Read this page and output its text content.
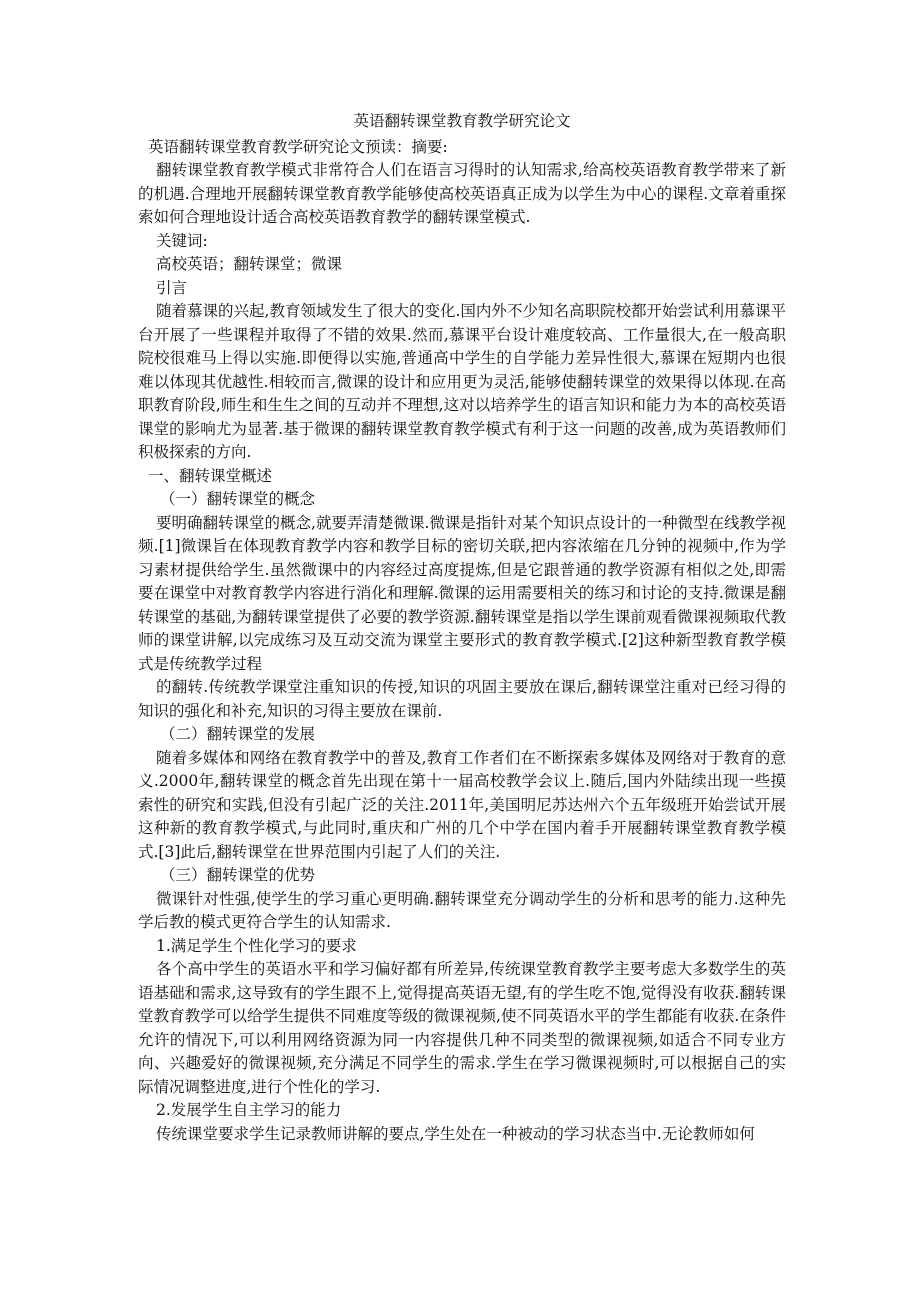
英语翻转课堂教育教学研究论文

英语翻转课堂教育教学研究论文预读：摘要:

翻转课堂教育教学模式非常符合人们在语言习得时的认知需求,给高校英语教育教学带来了新的机遇.合理地开展翻转课堂教育教学能够使高校英语真正成为以学生为中心的课程.文章着重探索如何合理地设计适合高校英语教育教学的翻转课堂模式.

关键词:

高校英语；翻转课堂；微课

引言

随着慕课的兴起,教育领域发生了很大的变化.国内外不少知名高职院校都开始尝试利用慕课平台开展了一些课程并取得了不错的效果.然而,慕课平台设计难度较高、工作量很大,在一般高职院校很难马上得以实施.即便得以实施,普通高中学生的自学能力差异性很大,慕课在短期内也很难以体现其优越性.相较而言,微课的设计和应用更为灵活,能够使翻转课堂的效果得以体现.在高职教育阶段,师生和生生之间的互动并不理想,这对以培养学生的语言知识和能力为本的高校英语课堂的影响尤为显著.基于微课的翻转课堂教育教学模式有利于这一问题的改善,成为英语教师们积极探索的方向.

一、翻转课堂概述

（一）翻转课堂的概念

要明确翻转课堂的概念,就要弄清楚微课.微课是指针对某个知识点设计的一种微型在线教学视频.[1]微课旨在体现教育教学内容和教学目标的密切关联,把内容浓缩在几分钟的视频中,作为学习素材提供给学生.虽然微课中的内容经过高度提炼,但是它跟普通的教学资源有相似之处,即需要在课堂中对教育教学内容进行消化和理解.微课的运用需要相关的练习和讨论的支持.微课是翻转课堂的基础,为翻转课堂提供了必要的教学资源.翻转课堂是指以学生课前观看微课视频取代教师的课堂讲解,以完成练习及互动交流为课堂主要形式的教育教学模式.[2]这种新型教育教学模式是传统教学过程

的翻转.传统教学课堂注重知识的传授,知识的巩固主要放在课后,翻转课堂注重对已经习得的知识的强化和补充,知识的习得主要放在课前.

（二）翻转课堂的发展

随着多媒体和网络在教育教学中的普及,教育工作者们在不断探索多媒体及网络对于教育的意义.2000年,翻转课堂的概念首先出现在第十一届高校教学会议上.随后,国内外陆续出现一些摸索性的研究和实践,但没有引起广泛的关注.2011年,美国明尼苏达州六个五年级班开始尝试开展这种新的教育教学模式,与此同时,重庆和广州的几个中学在国内着手开展翻转课堂教育教学模式.[3]此后,翻转课堂在世界范围内引起了人们的关注.

（三）翻转课堂的优势

微课针对性强,使学生的学习重心更明确.翻转课堂充分调动学生的分析和思考的能力.这种先学后教的模式更符合学生的认知需求.

1.满足学生个性化学习的要求

各个高中学生的英语水平和学习偏好都有所差异,传统课堂教育教学主要考虑大多数学生的英语基础和需求,这导致有的学生跟不上,觉得提高英语无望,有的学生吃不饱,觉得没有收获.翻转课堂教育教学可以给学生提供不同难度等级的微课视频,使不同英语水平的学生都能有收获.在条件允许的情况下,可以利用网络资源为同一内容提供几种不同类型的微课视频,如适合不同专业方向、兴趣爱好的微课视频,充分满足不同学生的需求.学生在学习微课视频时,可以根据自己的实际情况调整进度,进行个性化的学习.

2.发展学生自主学习的能力

传统课堂要求学生记录教师讲解的要点,学生处在一种被动的学习状态当中.无论教师如何
